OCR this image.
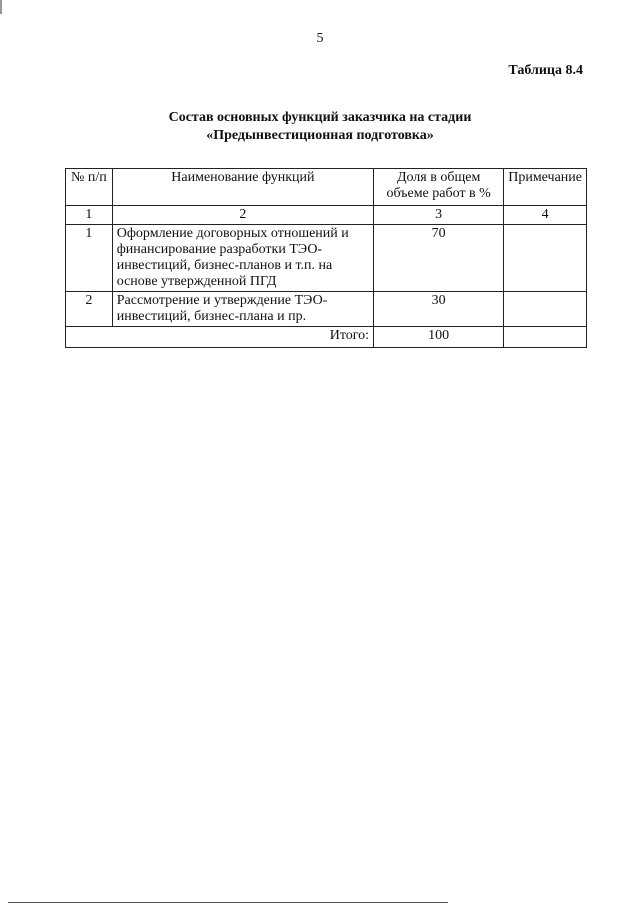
5
Таблица 8.4
Состав основных функций заказчика на стадии
«Предынвестиционная подготовка»
№ п/п	Наименование функций	Доля в общем объеме работ в %	Примечание
1	2	3	4
1	Оформление договорных отношений и финансирование разработки ТЭО-инвестиций, бизнес-планов и т.п. на основе утвержденной ПГД	70	
2	Рассмотрение и утверждение ТЭО-инвестиций, бизнес-плана и пр.	30	
Итого:		100	
